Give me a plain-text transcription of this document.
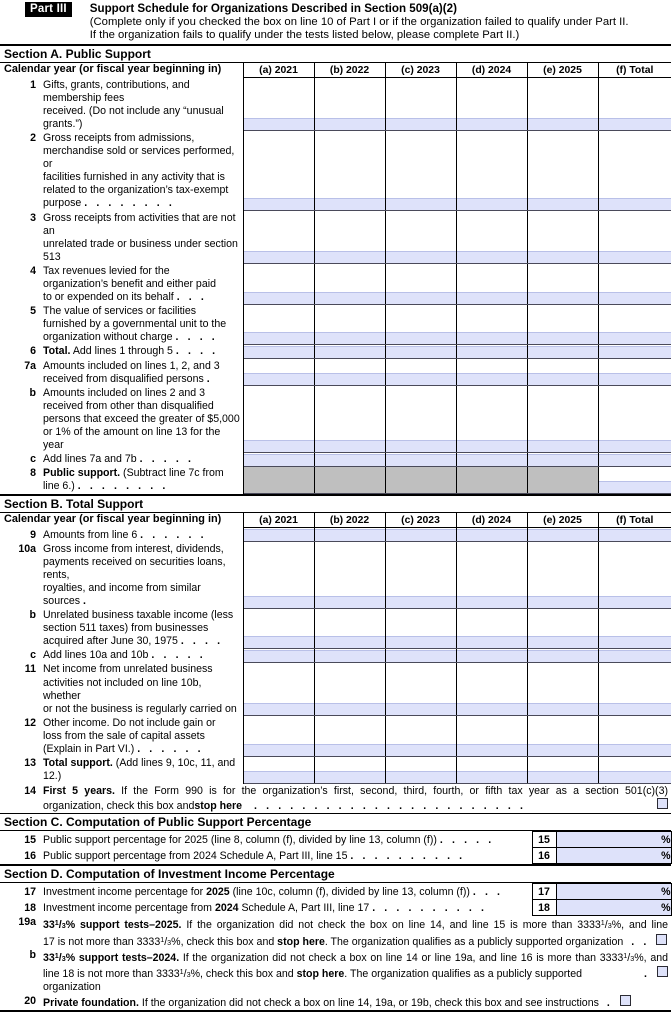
Part III	Support Schedule for Organizations Described in Section 509(a)(2)
(Complete only if you checked the box on line 10 of Part I or if the organization failed to qualify under Part II.
If the organization fails to qualify under the tests listed below, please complete Part II.)
Section A. Public Support
Calendar year (or fiscal year beginning in)	(a) 2021	(b) 2022	(c) 2023	(d) 2024	(e) 2025	(f) Total

1 Gifts, grants, contributions, and membership fees
received. (Do not include any “unusual grants.”)						

2 Gross receipts from admissions,
merchandise sold or services performed, or
facilities furnished in any activity that is
related to the organization’s tax-exempt
purpose . . . . . . . .

3 Gross receipts from activities that are not an
unrelated trade or business under section 513						

4 Tax revenues levied for the
organization’s benefit and either paid
to or expended on its behalf . . .						

5 The value of services or facilities
furnished by a governmental unit to the
organization without charge . . . .						

6 Total. Add lines 1 through 5 . . . .						

7a Amounts included on lines 1, 2, and 3
received from disqualified persons .						

b Amounts included on lines 2 and 3
received from other than disqualified
persons that exceed the greater of $5,000
or 1% of the amount on line 13 for the year						

c Add lines 7a and 7b . . . . .						

8 Public support. (Subtract line 7c from
line 6.) . . . . . . . .						

Section B. Total Support
Calendar year (or fiscal year beginning in)	(a) 2021	(b) 2022	(c) 2023	(d) 2024	(e) 2025	(f) Total

9 Amounts from line 6 . . . . . .						

10a Gross income from interest, dividends,
payments received on securities loans, rents,
royalties, and income from similar sources .						

b Unrelated business taxable income (less
section 511 taxes) from businesses
acquired after June 30, 1975 . . . .						

c Add lines 10a and 10b . . . . .						

11 Net income from unrelated business
activities not included on line 10b, whether
or not the business is regularly carried on						

12 Other income. Do not include gain or
loss from the sale of capital assets
(Explain in Part VI.) . . . . . .						

13 Total support. (Add lines 9, 10c, 11, and 12.)						

14 First 5 years. If the Form 990 is for the organization’s first, second, third, fourth, or fifth tax year as a section 501(c)(3)
organization, check this box and stop here	. . . . . . . . . . . . . . . . . . . . . . .
Section C. Computation of Public Support Percentage
15 Public support percentage for 2025 (line 8, column (f), divided by line 13, column (f)) . . . . .	15	%

16 Public support percentage from 2024 Schedule A, Part III, line 15 . . . . . . . . . .	16	%
Section D. Computation of Investment Income Percentage
17 Investment income percentage for 2025 (line 10c, column (f), divided by line 13, column (f)) . . .	17	%

18 Investment income percentage from 2024 Schedule A, Part III, line 17 . . . . . . . . . .	18	%
19a $33^1/3\%$ support tests–2025. If the organization did not check the box on line 14, and line 15 is more than 3333$^1$/3%, and line
17 is not more than 3333$^1$/3%, check this box and stop here. The organization qualifies as a publicly supported organization . .
b $33^1/3\%$ support tests–2024. If the organization did not check a box on line 14 or line 19a, and line 16 is more than 3333$^1$/3%, and
line 18 is not more than 3333$^1$/3%, check this box and stop here. The organization qualifies as a publicly supported organization
.
20 Private foundation. If the organization did not check a box on line 14, 19a, or 19b, check this box and see instructions .
